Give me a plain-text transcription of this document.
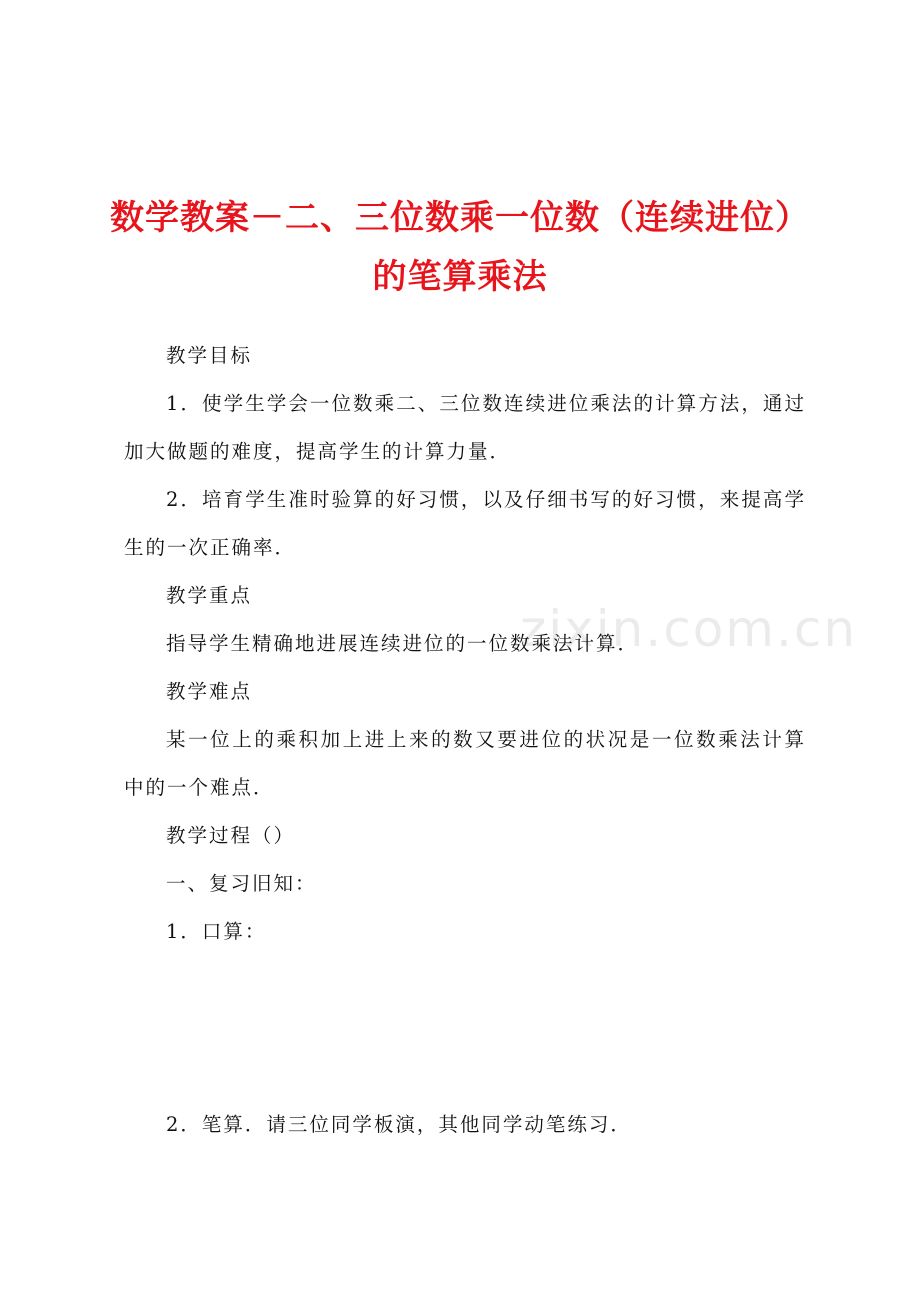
数学教案－二、三位数乘一位数（连续进位）
的笔算乘法
zixin.com.cn
教学目标
1．使学生学会一位数乘二、三位数连续进位乘法的计算方法，通过
加大做题的难度，提高学生的计算力量．
2．培育学生准时验算的好习惯，以及仔细书写的好习惯，来提高学
生的一次正确率．
教学重点
指导学生精确地进展连续进位的一位数乘法计算．
教学难点
某一位上的乘积加上进上来的数又要进位的状况是一位数乘法计算
中的一个难点．
教学过程（）
一、复习旧知：
1．口算：
2．笔算．请三位同学板演，其他同学动笔练习．
